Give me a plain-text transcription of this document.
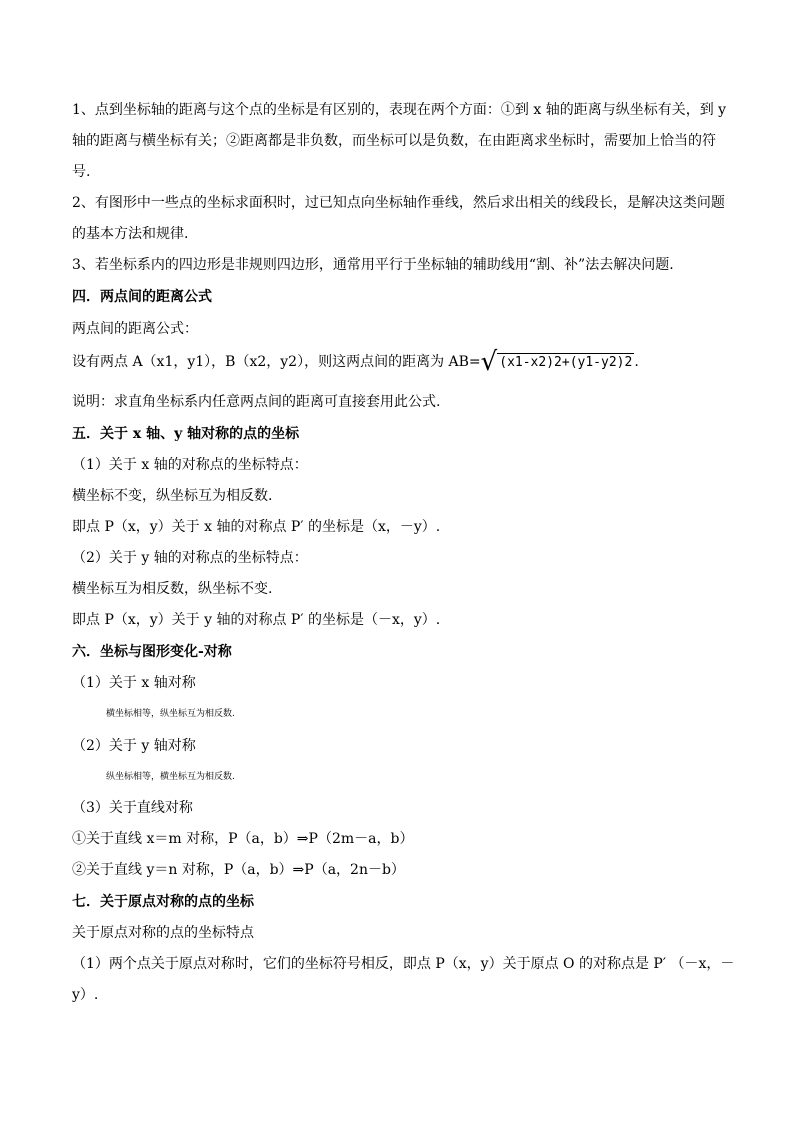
1、点到坐标轴的距离与这个点的坐标是有区别的，表现在两个方面：①到 x 轴的距离与纵坐标有关，到 y
轴的距离与横坐标有关；②距离都是非负数，而坐标可以是负数，在由距离求坐标时，需要加上恰当的符
号.
2、有图形中一些点的坐标求面积时，过已知点向坐标轴作垂线，然后求出相关的线段长，是解决这类问题
的基本方法和规律.
3、若坐标系内的四边形是非规则四边形，通常用平行于坐标轴的辅助线用“割、补”法去解决问题.
四．两点间的距离公式
两点间的距离公式：
设有两点 A（x1，y1），B（x2，y2），则这两点间的距离为 AB=√ (x1-x2)2+(y1-y2)2 .
说明：求直角坐标系内任意两点间的距离可直接套用此公式.
五．关于 x 轴、y 轴对称的点的坐标
（1）关于 x 轴的对称点的坐标特点：
横坐标不变，纵坐标互为相反数.
即点 P（x，y）关于 x 轴的对称点 P′ 的坐标是（x，－y）.
（2）关于 y 轴的对称点的坐标特点：
横坐标互为相反数，纵坐标不变.
即点 P（x，y）关于 y 轴的对称点 P′ 的坐标是（－x，y）.
六．坐标与图形变化-对称
（1）关于 x 轴对称
横坐标相等，纵坐标互为相反数.
（2）关于 y 轴对称
纵坐标相等，横坐标互为相反数.
（3）关于直线对称
①关于直线 x＝m 对称，P（a，b）⇒P（2m－a，b）
②关于直线 y＝n 对称，P（a，b）⇒P（a，2n－b）
七．关于原点对称的点的坐标
关于原点对称的点的坐标特点
（1）两个点关于原点对称时，它们的坐标符号相反，即点 P（x，y）关于原点 O 的对称点是 P′ （－x，－
y）.
